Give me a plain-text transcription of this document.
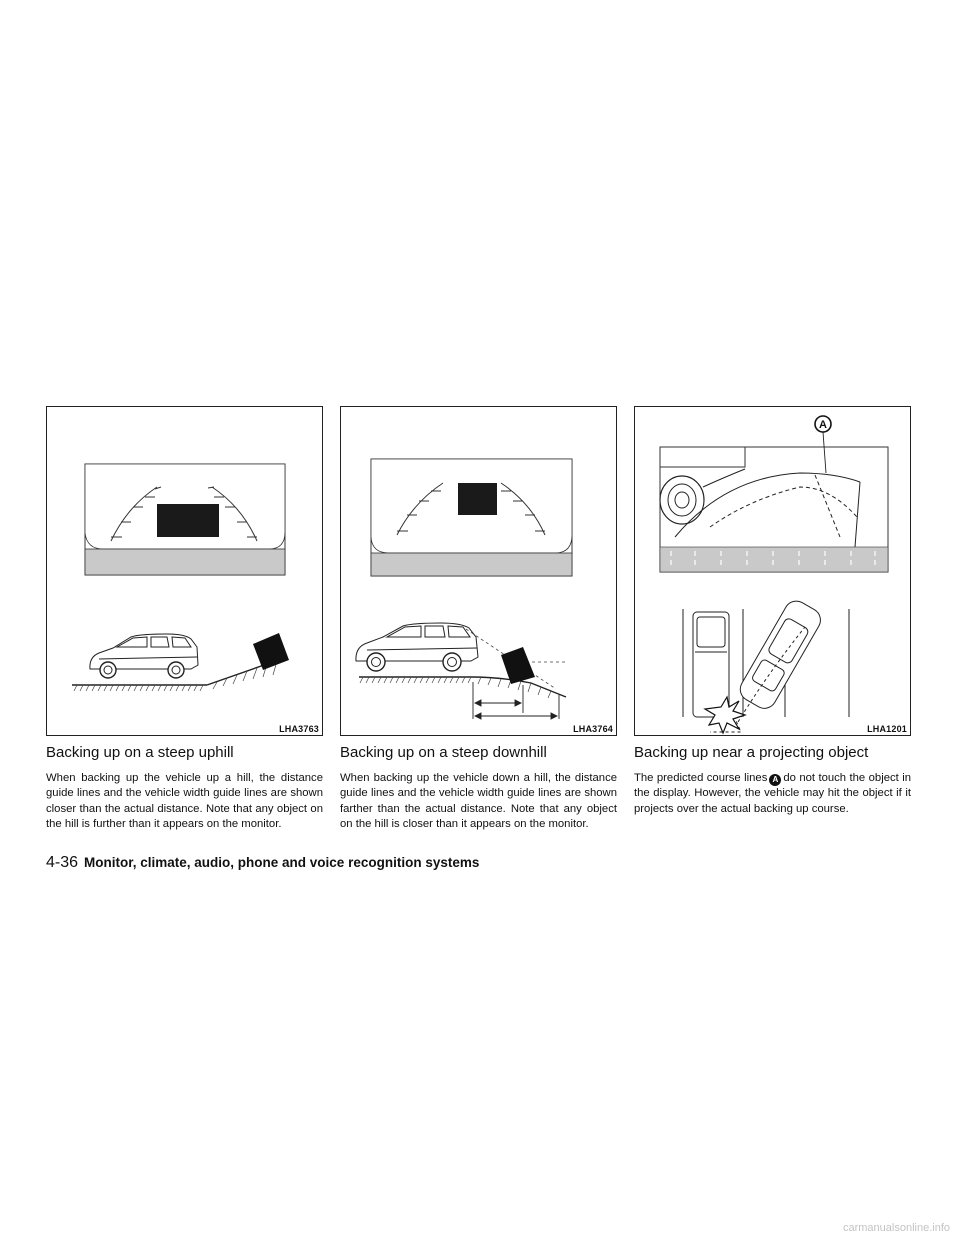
LHA3763	LHA3764
A
LHA1201
Backing up on a steep uphill

When backing up the vehicle up a hill, the distance guide lines and the vehicle width guide lines are shown closer than the actual distance. Note that any object on the hill is further than it appears on the monitor.

Backing up on a steep downhill

When backing up the vehicle down a hill, the distance guide lines and the vehicle width guide lines are shown farther than the actual distance. Note that any object on the hill is closer than it appears on the monitor.

Backing up near a projecting object

The predicted course lines A do not touch the object in the display. However, the vehicle may hit the object if it projects over the actual backing up course.

4-36 Monitor, climate, audio, phone and voice recognition systems
carmanualsonline.info
